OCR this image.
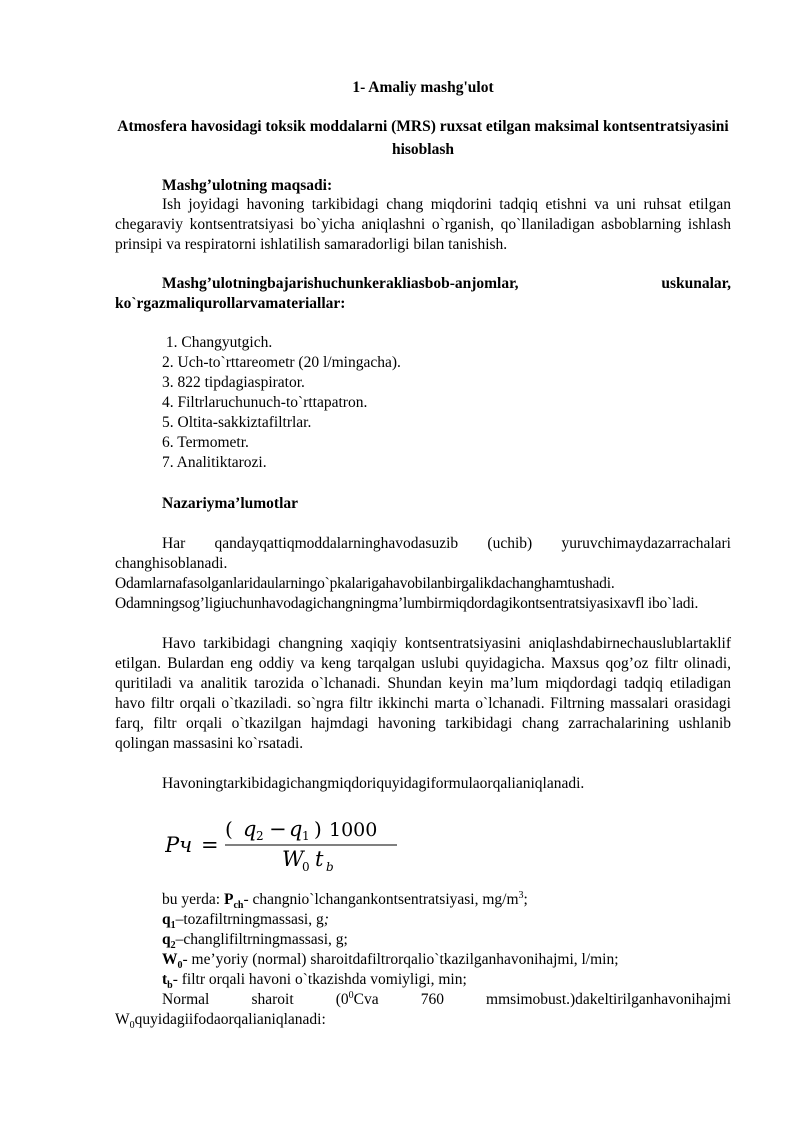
1- Amaliy mashg'ulot
Atmosfera havosidagi toksik moddalarni (MRS) ruxsat etilgan maksimal kontsentratsiyasini hisoblash
Mashg’ulotning maqsadi:
Ish joyidagi havoning tarkibidagi chang miqdorini tadqiq etishni va uni ruhsat etilgan chegaraviy kontsentratsiyasi bo`yicha aniqlashni o`rganish, qo`llaniladigan asboblarning ishlash prinsipi va respiratorni ishlatilish samaradorligi bilan tanishish.
Mashg’ulotningbajarishuchunkerakliasbob-anjomlar,	uskunalar,
ko`rgazmaliqurollarvamateriallar:
1. Changyutgich.
2. Uch-to`rttareometr (20 l/mingacha).
3. 822 tipdagiaspirator.
4. Filtrlaruchunuch-to`rttapatron.
5. Oltita-sakkiztafiltrlar.
6. Termometr.
7. Analitiktarozi.
Nazariyma’lumotlar
Har qandayqattiqmoddalarninghavodasuzib (uchib) yuruvchimaydazarrachalari changhisoblanadi.
Odamlarnafasolganlaridaularningo`pkalarigahavobilanbirgalikdachanghamtushadi.
Odamningsog’ligiuchunhavodagichangningma’lumbirmiqdordagikontsentratsiyasixavfl ibo`ladi.
Havo tarkibidagi changning xaqiqiy kontsentratsiyasini aniqlashdabirnechauslublartaklif etilgan. Bulardan eng oddiy va keng tarqalgan uslubi quyidagicha. Maxsus qog’oz filtr olinadi, quritiladi va analitik tarozida o`lchanadi. Shundan keyin ma’lum miqdordagi tadqiq etiladigan havo filtr orqali o`tkaziladi. so`ngra filtr ikkinchi marta o`lchanadi. Filtrning massalari orasidagi farq, filtr orqali o`tkazilgan hajmdagi havoning tarkibidagi chang zarrachalarining ushlanib qolingan massasini ko`rsatadi.
Havoningtarkibidagichangmiqdoriquyidagiformulaorqalianiqlanadi.
Pч =
( q 2 − q 1 ) 1000
W
0 t b
bu yerda: $P_{ch}-$ changnio`lchangankontsentratsiyasi, $mg/m^3$;
$q_1$–tozafiltrningmassasi, g;
$q_2$–changlifiltrningmassasi, g;
$W_0-$ me’yoriy (normal) sharoitdafiltrorqalio`tkazilganhavonihajmi, l/min;
$t_b-$ filtr orqali havoni o`tkazishda vomiyligi, min;
Normal sharoit ($0^0Cva$ 760 mmsimobust.)dakeltirilganhavonihajmi
$W_0quyidagiifodaorqalianiqlanadi$:
